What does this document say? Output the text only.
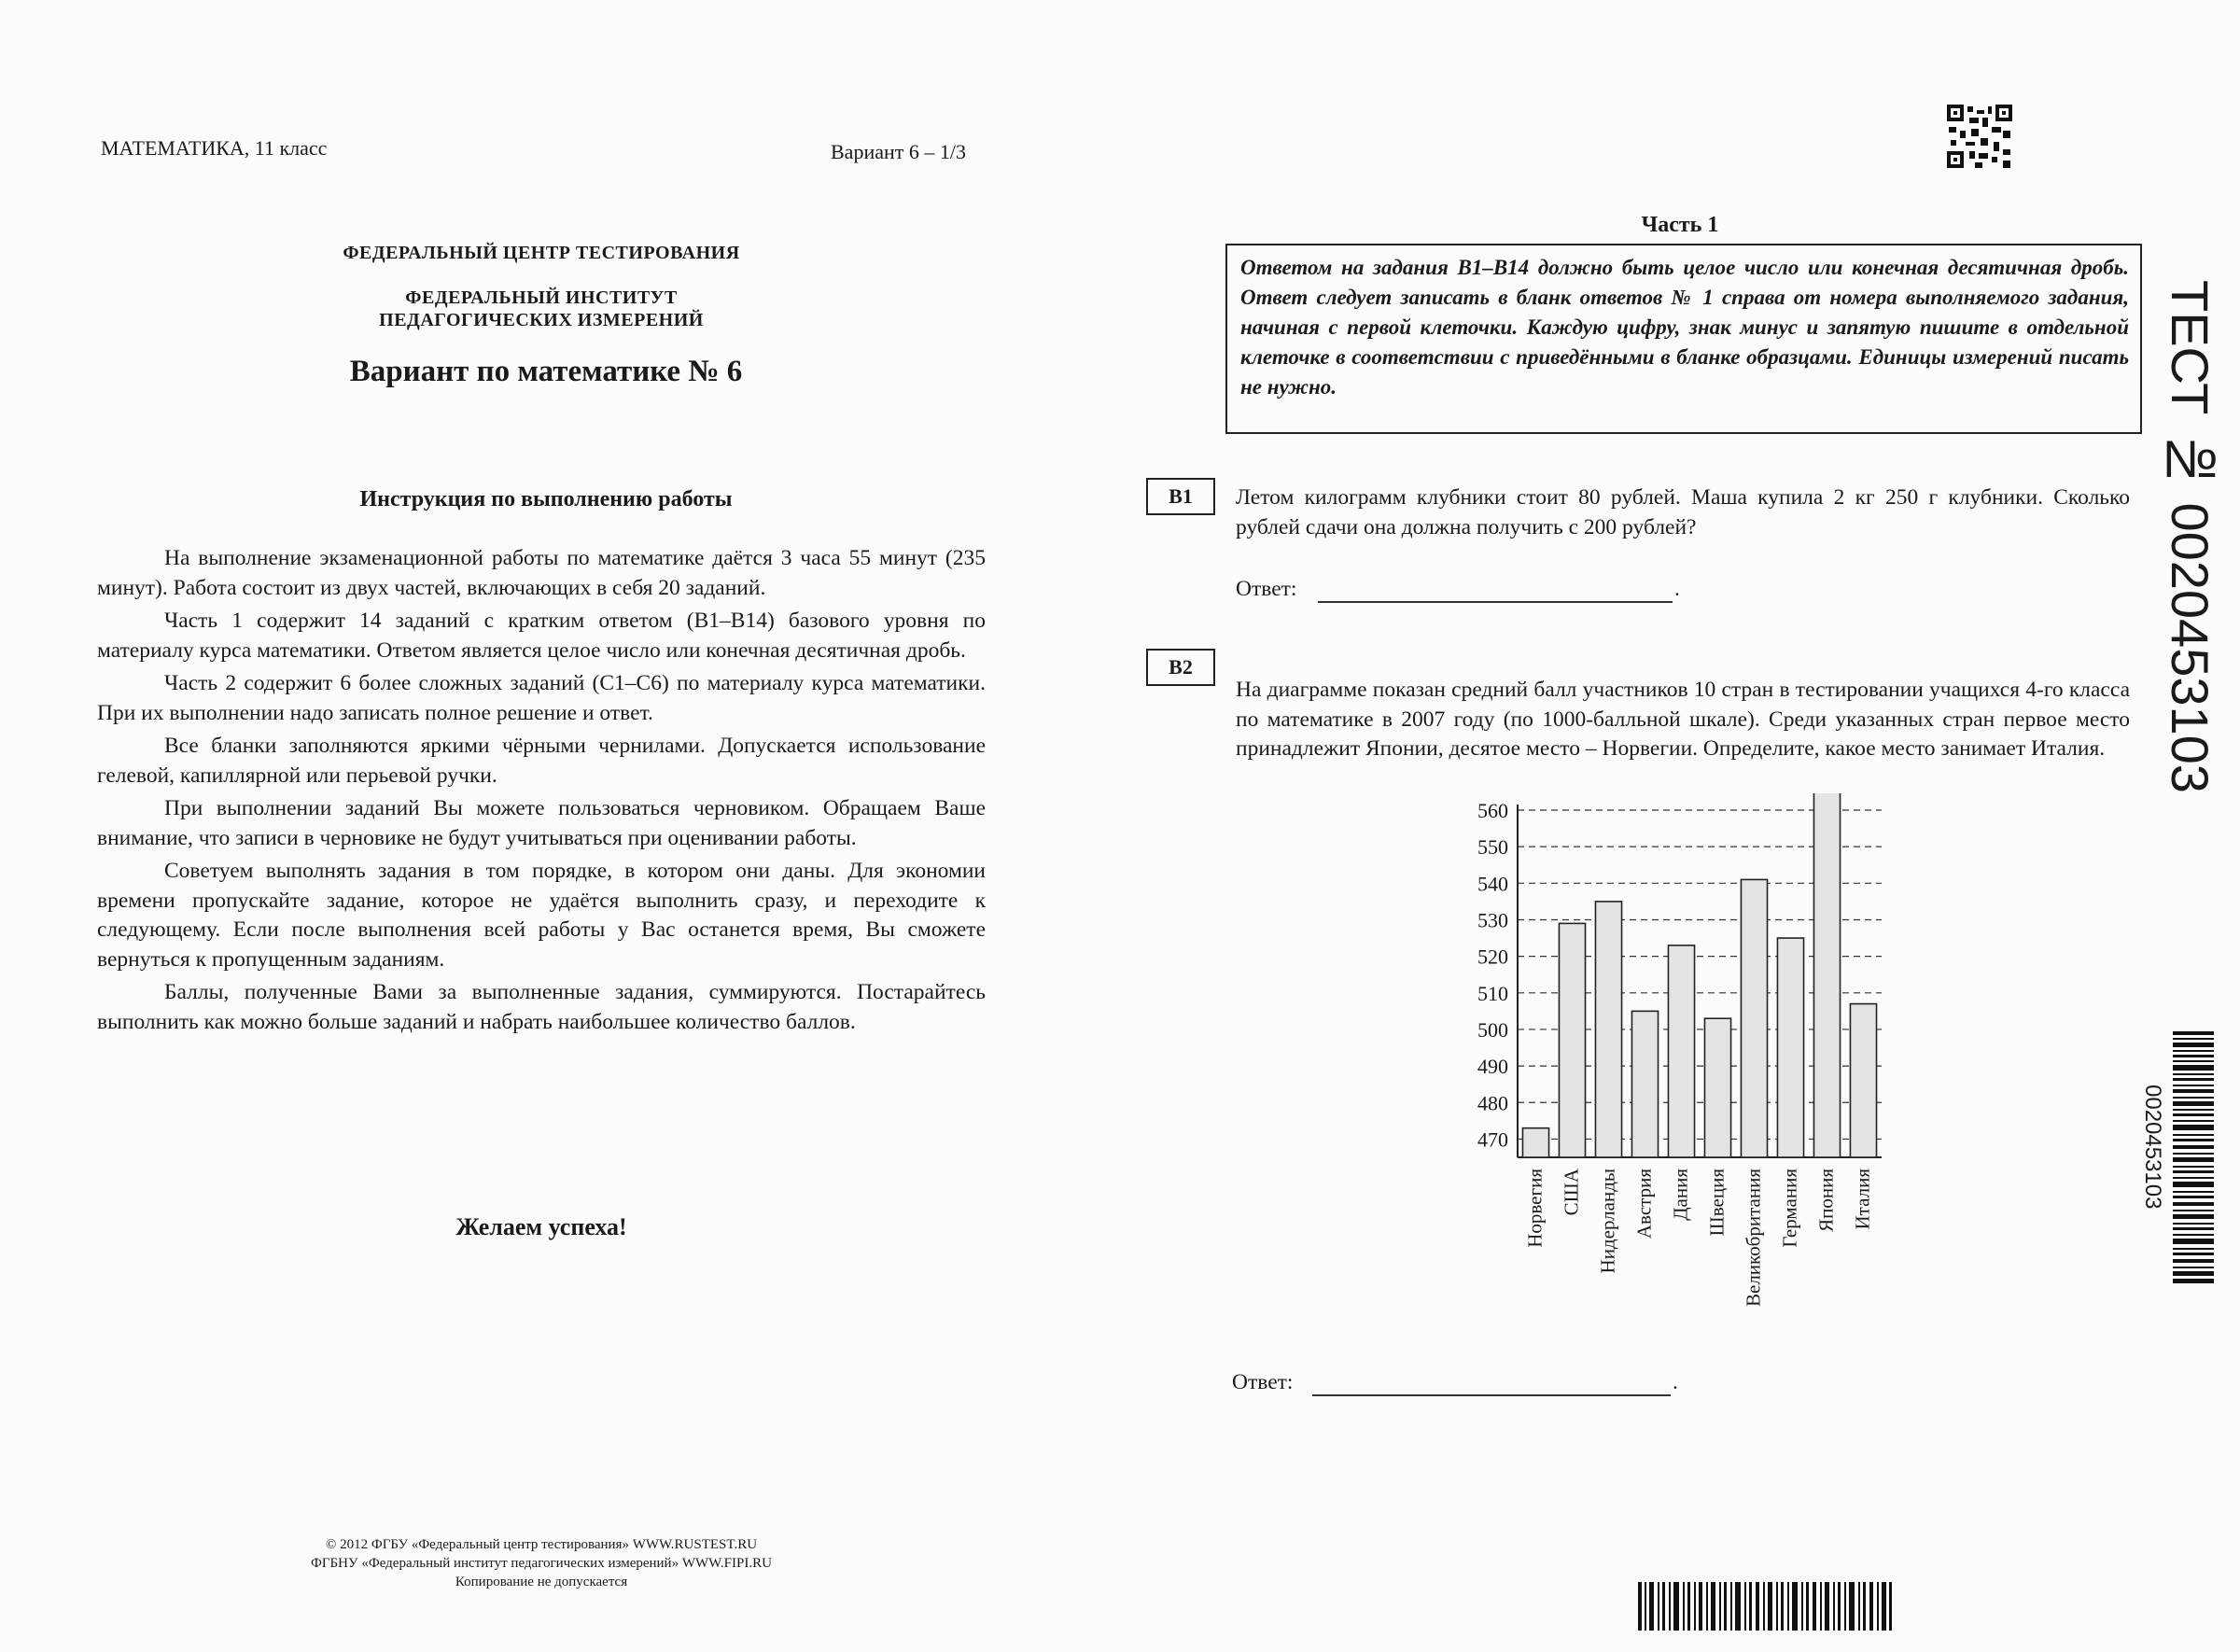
МАТЕМАТИКА, 11 класс	Вариант 6 – 1/3
ФЕДЕРАЛЬНЫЙ ЦЕНТР ТЕСТИРОВАНИЯ
ФЕДЕРАЛЬНЫЙ ИНСТИТУТ
ПЕДАГОГИЧЕСКИХ ИЗМЕРЕНИЙ
Вариант по математике № 6
Инструкция по выполнению работы

На выполнение экзаменационной работы по математике даётся 3 часа 55 минут (235 минут). Работа состоит из двух частей, включающих в себя 20 заданий.

Часть 1 содержит 14 заданий с кратким ответом (B1–B14) базового уровня по материалу курса математики. Ответом является целое число или конечная десятичная дробь.

Часть 2 содержит 6 более сложных заданий (C1–C6) по материалу курса математики. При их выполнении надо записать полное решение и ответ.

Все бланки заполняются яркими чёрными чернилами. Допускается использование гелевой, капиллярной или перьевой ручки.

При выполнении заданий Вы можете пользоваться черновиком. Обращаем Ваше внимание, что записи в черновике не будут учитываться при оценивании работы.

Советуем выполнять задания в том порядке, в котором они даны. Для экономии времени пропускайте задание, которое не удаётся выполнить сразу, и переходите к следующему. Если после выполнения всей работы у Вас останется время, Вы сможете вернуться к пропущенным заданиям.

Баллы, полученные Вами за выполненные задания, суммируются. Постарайтесь выполнить как можно больше заданий и набрать наибольшее количество баллов.

Желаем успеха!
© 2012 ФГБУ «Федеральный центр тестирования» WWW.RUSTEST.RU
ФГБНУ «Федеральный институт педагогических измерений» WWW.FIPI.RU
Копирование не допускается
Часть 1
Ответом на задания B1–B14 должно быть целое число или конечная десятичная дробь. Ответ следует записать в бланк ответов № 1 справа от номера выполняемого задания, начиная с первой клеточки. Каждую цифру, знак минус и запятую пишите в отдельной клеточке в соответствии с приведёнными в бланке образцами. Единицы измерений писать не нужно.
B1	Летом килограмм клубники стоит 80 рублей. Маша купила 2 кг 250 г клубники. Сколько рублей сдачи она должна получить с 200 рублей?
Ответ:	.
B2
На диаграмме показан средний балл участников 10 стран в тестировании учащихся 4-го класса по математике в 2007 году (по 1000-балльной шкале). Среди указанных стран первое место принадлежит Японии, десятое место – Норвегии. Определите, какое место занимает Италия.
470
480
490
500
510
520
530
540
550
560
Норвегия США Нидерланды Австрия Дания Швеция Великобритания Германия Япония Италия
Ответ:	.
ТЕСТ № 0020453103
0020453103
